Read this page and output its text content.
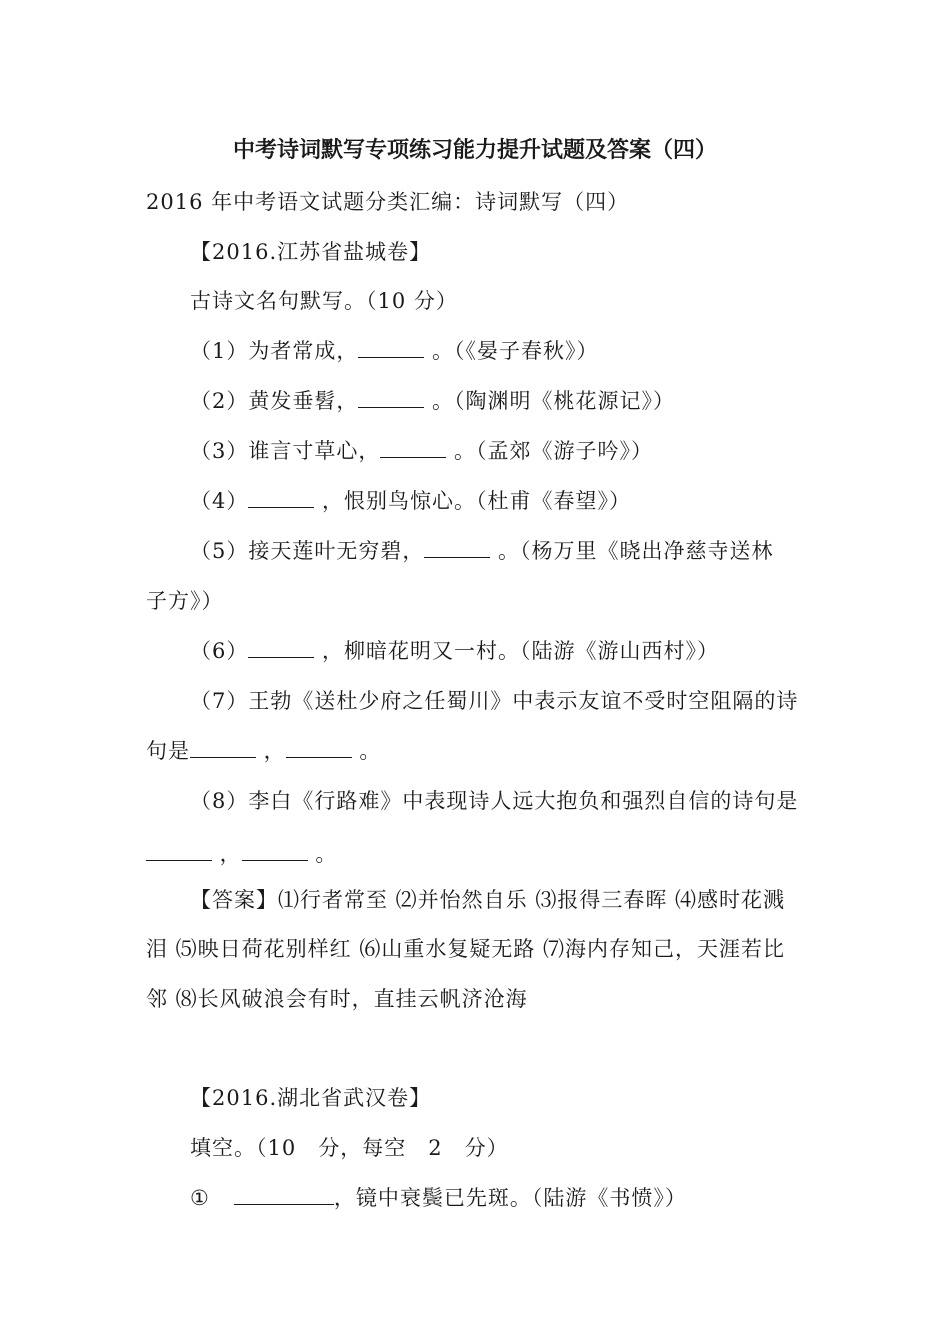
中考诗词默写专项练习能力提升试题及答案（四）
2016 年中考语文试题分类汇编：诗词默写（四）
【2016.江苏省盐城卷】
古诗文名句默写。（10 分）
（1）为者常成，	。（《晏子春秋》）
（2）黄发垂髫，	。（陶渊明《桃花源记》）
（3）谁言寸草心，	。（孟郊《游子吟》）
（4）	，恨别鸟惊心。（杜甫《春望》）
（5）接天莲叶无穷碧，	。（杨万里《晓出净慈寺送林
子方》）
（6）	，柳暗花明又一村。（陆游《游山西村》）
（7）王勃《送杜少府之任蜀川》中表示友谊不受时空阻隔的诗
句是	，	。
（8）李白《行路难》中表现诗人远大抱负和强烈自信的诗句是
，	。
【答案】⑴行者常至 ⑵并怡然自乐 ⑶报得三春晖 ⑷感时花溅
泪 ⑸映日荷花别样红 ⑹山重水复疑无路 ⑺海内存知己，天涯若比
邻 ⑻长风破浪会有时，直挂云帆济沧海
【2016.湖北省武汉卷】
填空。（10　分，每空　2　分）
①	，镜中衰鬓已先斑。（陆游《书愤》）
